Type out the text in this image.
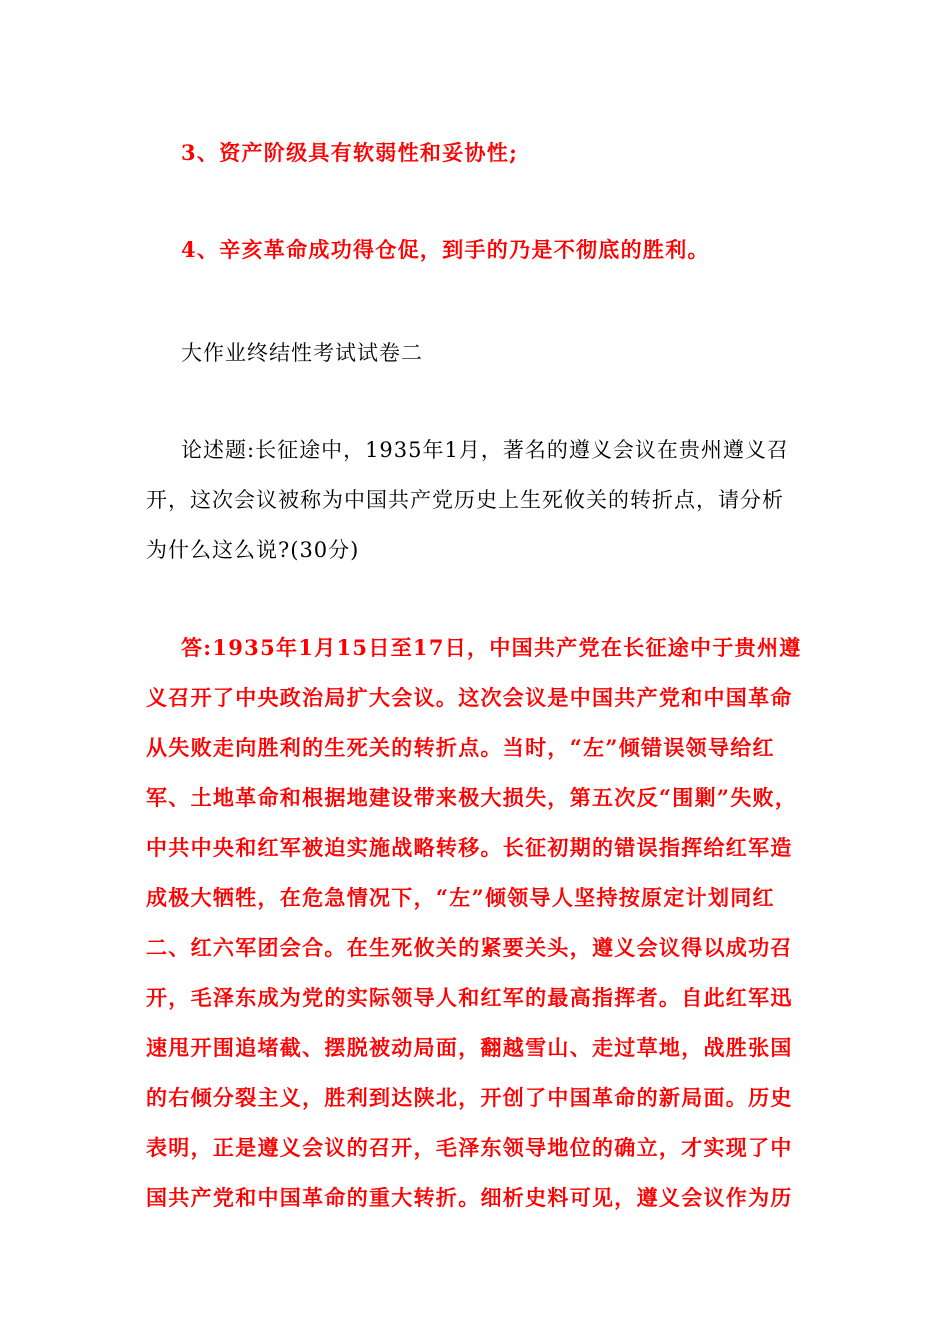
3、资产阶级具有软弱性和妥协性;
4、辛亥革命成功得仓促，到手的乃是不彻底的胜利。
大作业终结性考试试卷二
论述题:长征途中，1935年1月，著名的遵义会议在贵州遵义召
开，这次会议被称为中国共产党历史上生死攸关的转折点，请分析
为什么这么说?(30分)
答:1935年1月15日至17日，中国共产党在长征途中于贵州遵
义召开了中央政治局扩大会议。这次会议是中国共产党和中国革命
从失败走向胜利的生死关的转折点。当时，“左”倾错误领导给红
军、土地革命和根据地建设带来极大损失，第五次反“围剿”失败，
中共中央和红军被迫实施战略转移。长征初期的错误指挥给红军造
成极大牺牲，在危急情况下，“左”倾领导人坚持按原定计划同红
二、红六军团会合。在生死攸关的紧要关头，遵义会议得以成功召
开，毛泽东成为党的实际领导人和红军的最高指挥者。自此红军迅
速甩开围追堵截、摆脱被动局面，翻越雪山、走过草地，战胜张国
的右倾分裂主义，胜利到达陕北，开创了中国革命的新局面。历史
表明，正是遵义会议的召开，毛泽东领导地位的确立，才实现了中
国共产党和中国革命的重大转折。细析史料可见，遵义会议作为历
